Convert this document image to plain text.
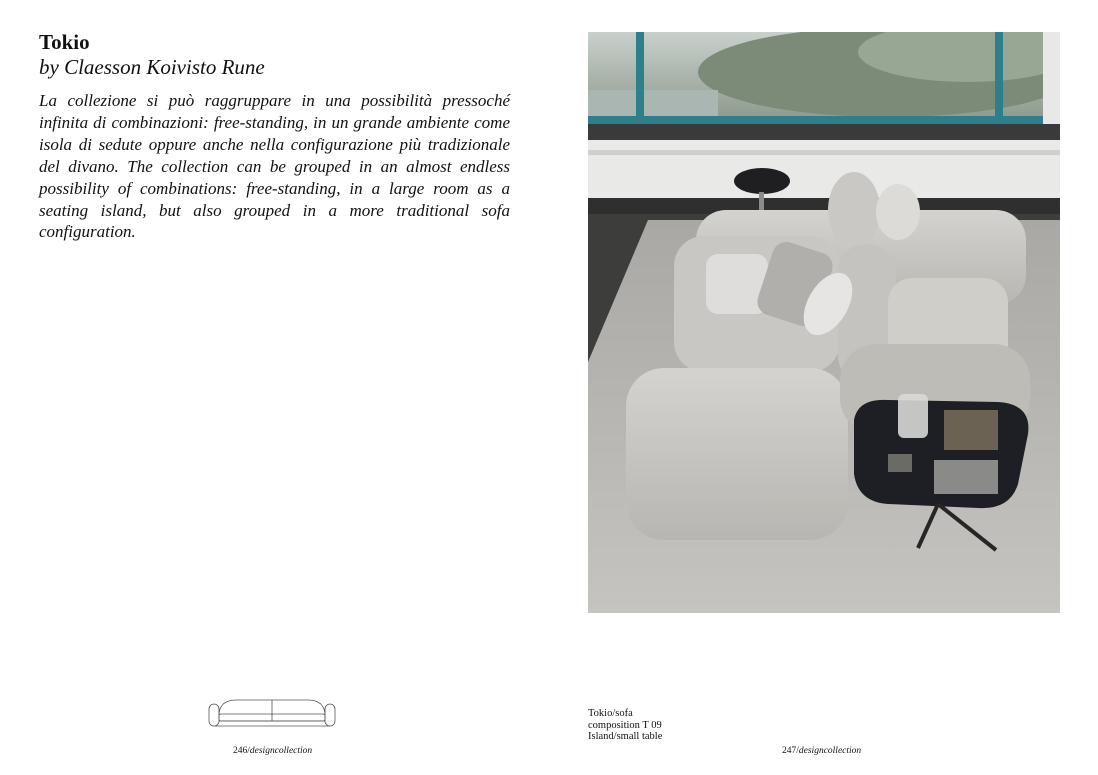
Tokio
by Claesson Koivisto Rune

La collezione si può raggruppare in una possibilità pressoché infinita di combinazioni: free-standing, in un grande ambiente come isola di sedute oppure anche nella configurazione più tradizionale del divano. The collection can be grouped in an almost endless possibility of combinations: free-standing, in a large room as a seating island, but also grouped in a more traditional sofa configuration.

246/designcollection
Tokio/sofa
composition T 09
Island/small table
247/designcollection
